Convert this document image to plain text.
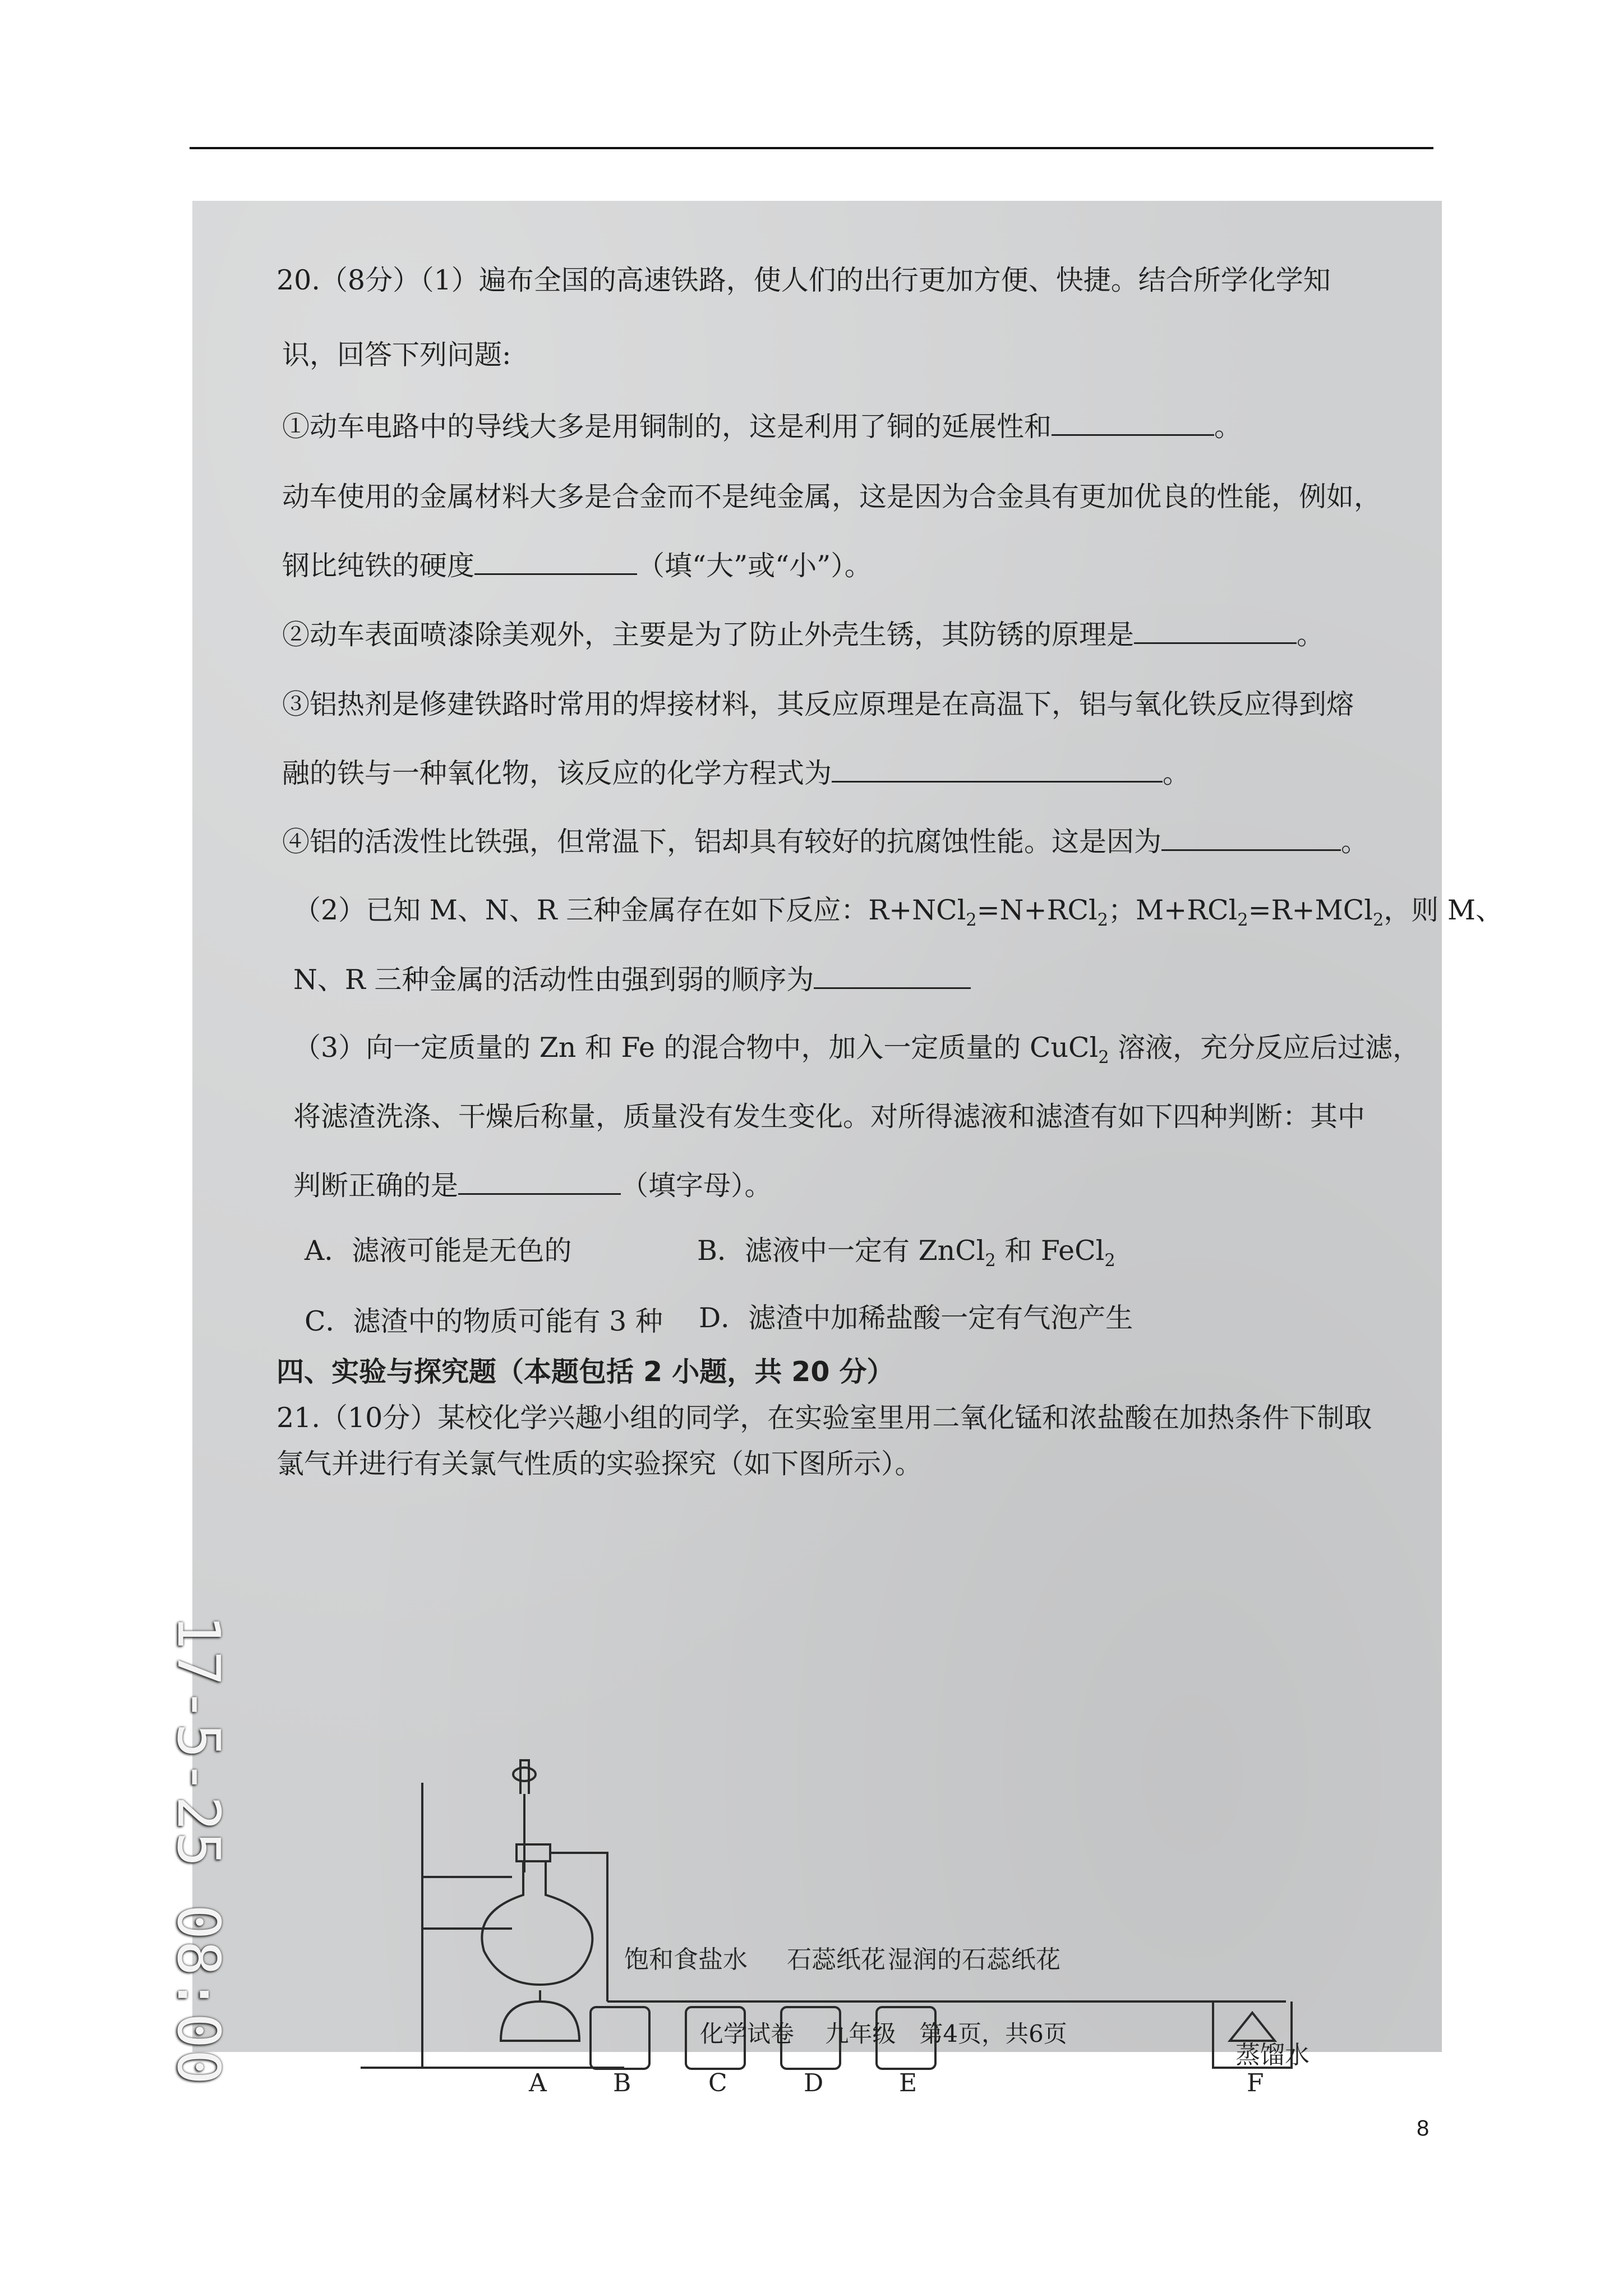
20.（8分）（1）遍布全国的高速铁路，使人们的出行更加方便、快捷。结合所学化学知
识，回答下列问题:
①动车电路中的导线大多是用铜制的，这是利用了铜的延展性和	。
动车使用的金属材料大多是合金而不是纯金属，这是因为合金具有更加优良的性能，例如，
钢比纯铁的硬度	（填“大”或“小”）。
②动车表面喷漆除美观外，主要是为了防止外壳生锈，其防锈的原理是	。
③铝热剂是修建铁路时常用的焊接材料，其反应原理是在高温下，铝与氧化铁反应得到熔
融的铁与一种氧化物，该反应的化学方程式为	。
④铝的活泼性比铁强，但常温下，铝却具有较好的抗腐蚀性能。这是因为	。
（2）已知 M、N、R 三种金属存在如下反应：R+NCl$_2$=N+RCl$_2$；M+RCl$_2$=R+MCl$_2$，则 M、
N、R 三种金属的活动性由强到弱的顺序为
（3）向一定质量的 Zn 和 Fe 的混合物中，加入一定质量的 CuCl$_2$ 溶液，充分反应后过滤，
将滤渣洗涤、干燥后称量，质量没有发生变化。对所得滤液和滤渣有如下四种判断：其中
判断正确的是	（填字母）。
A．滤液可能是无色的	B．滤液中一定有 ZnCl$_2$ 和 FeCl$_2$
C．滤渣中的物质可能有 3 种 D．滤渣中加稀盐酸一定有气泡产生
四、实验与探究题（本题包括 2 小题，共 20 分）
21.（10分）某校化学兴趣小组的同学，在实验室里用二氧化锰和浓盐酸在加热条件下制取
氯气并进行有关氯气性质的实验探究（如下图所示）。
17-5-25 08:00	饱和食盐水 石蕊纸花 湿润的石蕊纸花
蒸馏水
A	B	C	D	E	F
化学试卷　 九年级　第4页，共6页
8
